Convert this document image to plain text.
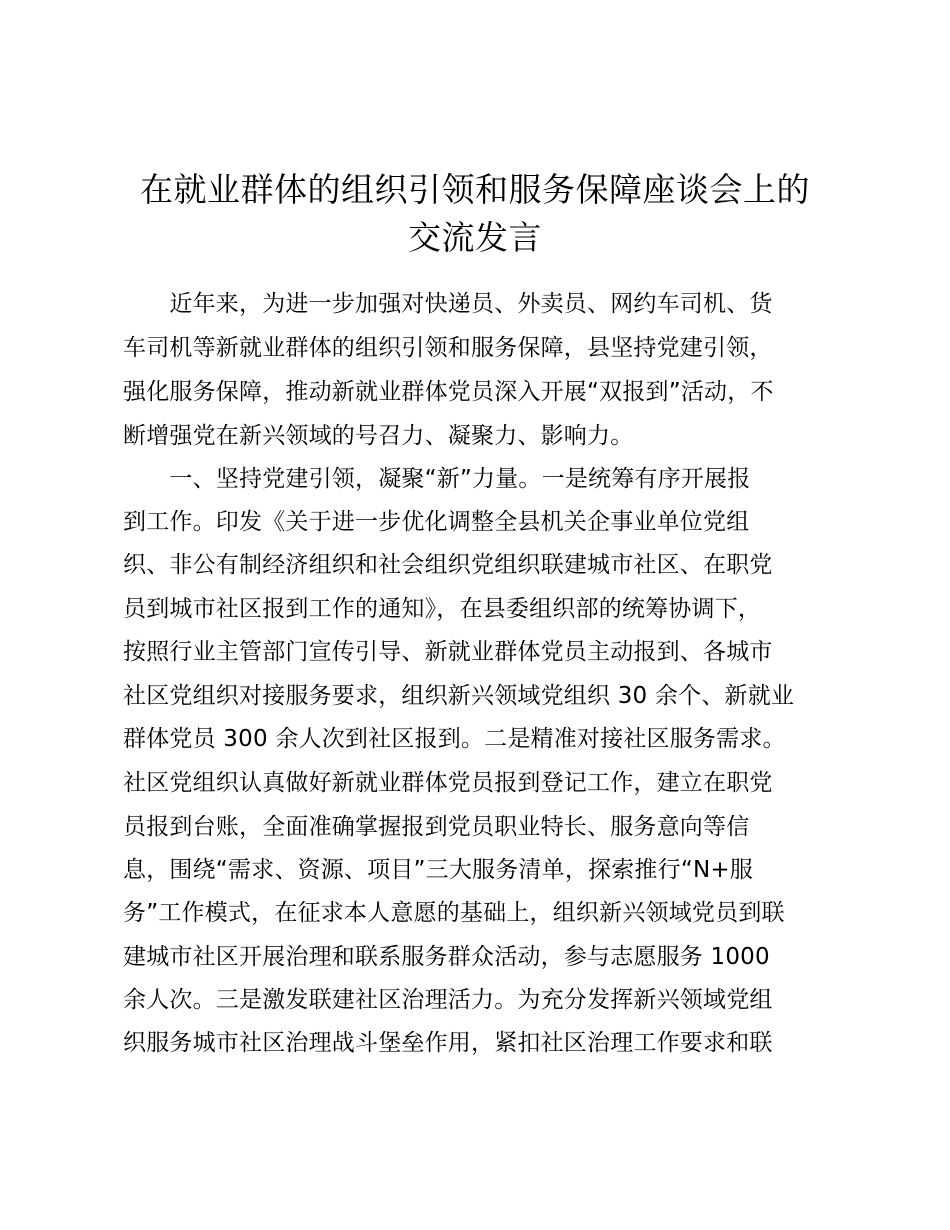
在就业群体的组织引领和服务保障座谈会上的
交流发言
　　近年来，为进一步加强对快递员、外卖员、网约车司机、货
车司机等新就业群体的组织引领和服务保障，县坚持党建引领，
强化服务保障，推动新就业群体党员深入开展“双报到”活动，不
断增强党在新兴领域的号召力、凝聚力、影响力。
　　一、坚持党建引领，凝聚“新”力量。一是统筹有序开展报
到工作。印发《关于进一步优化调整全县机关企事业单位党组
织、非公有制经济组织和社会组织党组织联建城市社区、在职党
员到城市社区报到工作的通知》，在县委组织部的统筹协调下，
按照行业主管部门宣传引导、新就业群体党员主动报到、各城市
社区党组织对接服务要求，组织新兴领域党组织 30 余个、新就业
群体党员 300 余人次到社区报到。二是精准对接社区服务需求。
社区党组织认真做好新就业群体党员报到登记工作，建立在职党
员报到台账，全面准确掌握报到党员职业特长、服务意向等信
息，围绕“需求、资源、项目”三大服务清单，探索推行“N+服
务”工作模式，在征求本人意愿的基础上，组织新兴领域党员到联
建城市社区开展治理和联系服务群众活动，参与志愿服务 1000
余人次。三是激发联建社区治理活力。为充分发挥新兴领域党组
织服务城市社区治理战斗堡垒作用，紧扣社区治理工作要求和联
